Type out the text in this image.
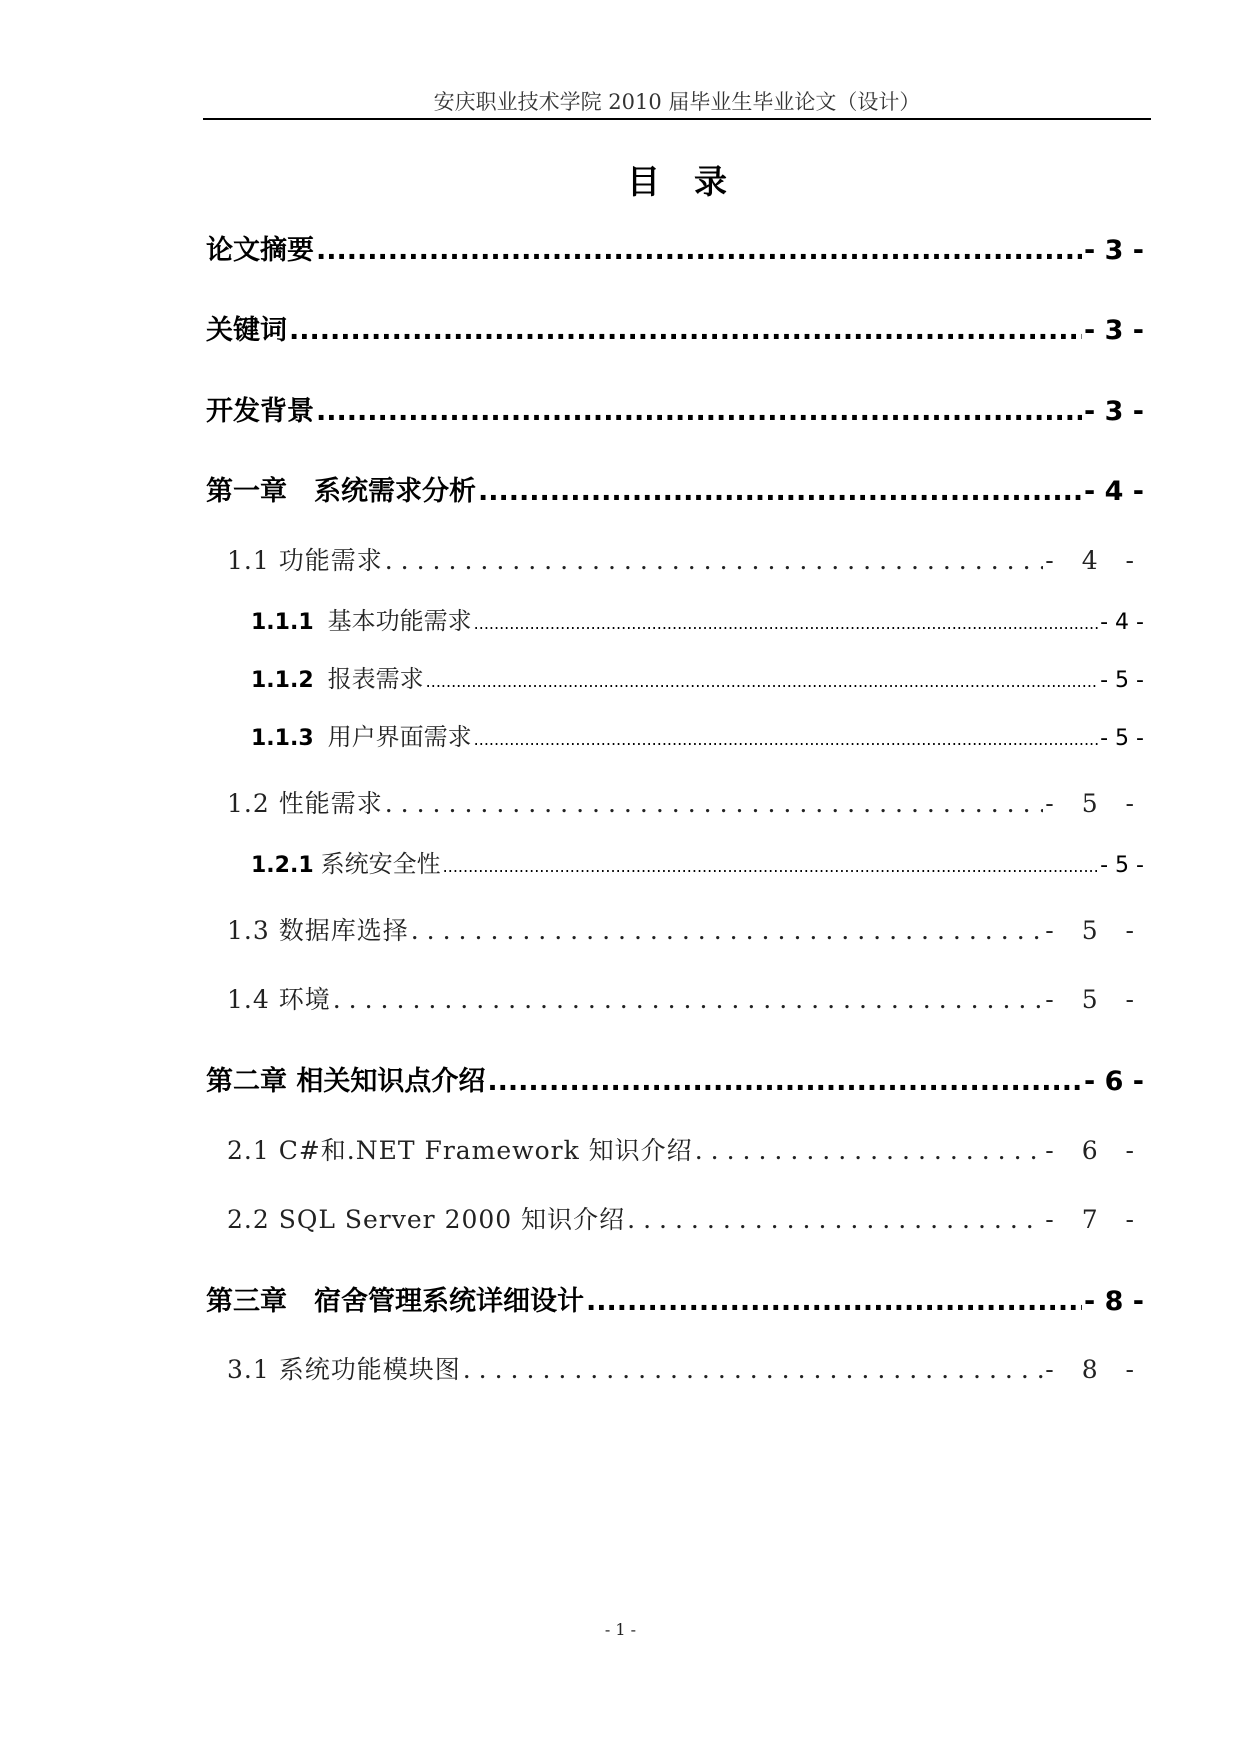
安庆职业技术学院 2010 届毕业生毕业论文（设计）
目录
论文摘要 .....	- 3 -
关键词 .....	- 3 -
开发背景 .....	- 3 -
第一章　系统需求分析 .....	- 4 -
1.1 功能需求 .....	- 4 -
1.1.1 基本功能需求 .....	- 4 -
1.1.2 报表需求 .....	- 5 -
1.1.3 用户界面需求 .....	- 5 -
1.2 性能需求 .....	- 5 -
1.2.1 系统安全性 .....	- 5 -
1.3 数据库选择 .....	- 5 -
1.4 环境 .....	- 5 -
第二章 相关知识点介绍 .....	- 6 -
2.1 C#和.NET Framework 知识介绍 .....	- 6 -
2.2 SQL Server 2000 知识介绍 .....	- 7 -
第三章　宿舍管理系统详细设计 .....	- 8 -
3.1 系统功能模块图 .....	- 8 -
- 1 -
